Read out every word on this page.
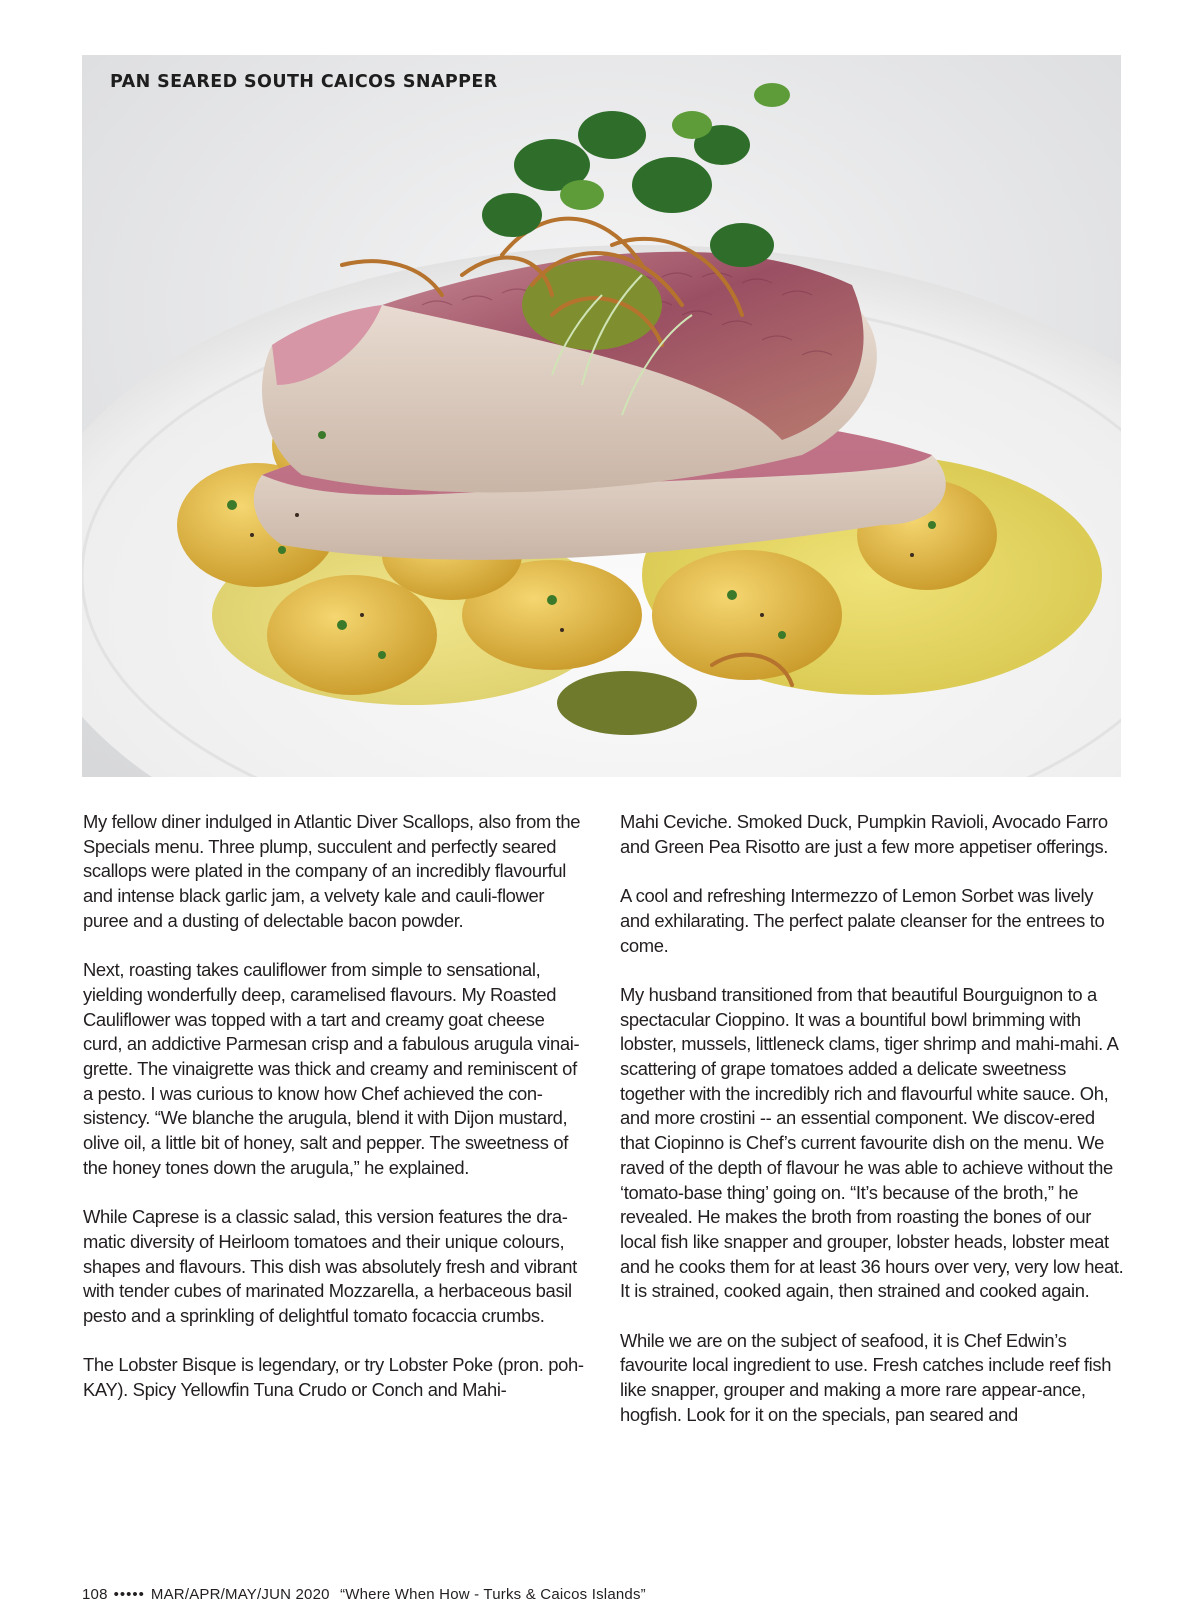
PAN SEARED SOUTH CAICOS SNAPPER

My fellow diner indulged in Atlantic Diver Scallops, also from the Specials menu. Three plump, succulent and perfectly seared scallops were plated in the company of an incredibly flavourful and intense black garlic jam, a velvety kale and cauli-flower puree and a dusting of delectable bacon powder.

Next, roasting takes cauliflower from simple to sensational, yielding wonderfully deep, caramelised flavours. My Roasted Cauliflower was topped with a tart and creamy goat cheese curd, an addictive Parmesan crisp and a fabulous arugula vinai-grette. The vinaigrette was thick and creamy and reminiscent of a pesto. I was curious to know how Chef achieved the con-sistency. “We blanche the arugula, blend it with Dijon mustard, olive oil, a little bit of honey, salt and pepper. The sweetness of the honey tones down the arugula,” he explained.

While Caprese is a classic salad, this version features the dra-matic diversity of Heirloom tomatoes and their unique colours, shapes and flavours. This dish was absolutely fresh and vibrant with tender cubes of marinated Mozzarella, a herbaceous basil pesto and a sprinkling of delightful tomato focaccia crumbs.

The Lobster Bisque is legendary, or try Lobster Poke (pron. poh-KAY). Spicy Yellowfin Tuna Crudo or Conch and Mahi-

Mahi Ceviche. Smoked Duck, Pumpkin Ravioli, Avocado Farro and Green Pea Risotto are just a few more appetiser offerings.

A cool and refreshing Intermezzo of Lemon Sorbet was lively and exhilarating. The perfect palate cleanser for the entrees to come.

My husband transitioned from that beautiful Bourguignon to a spectacular Cioppino. It was a bountiful bowl brimming with lobster, mussels, littleneck clams, tiger shrimp and mahi-mahi. A scattering of grape tomatoes added a delicate sweetness together with the incredibly rich and flavourful white sauce. Oh, and more crostini -- an essential component. We discov-ered that Ciopinno is Chef’s current favourite dish on the menu. We raved of the depth of flavour he was able to achieve without the ‘tomato-base thing’ going on. “It’s because of the broth,” he revealed. He makes the broth from roasting the bones of our local fish like snapper and grouper, lobster heads, lobster meat and he cooks them for at least 36 hours over very, very low heat. It is strained, cooked again, then strained and cooked again.

While we are on the subject of seafood, it is Chef Edwin’s favourite local ingredient to use. Fresh catches include reef fish like snapper, grouper and making a more rare appear-ance, hogfish. Look for it on the specials, pan seared and

108 ••••• MAR/APR/MAY/JUN 2020 “Where When How - Turks & Caicos Islands”
